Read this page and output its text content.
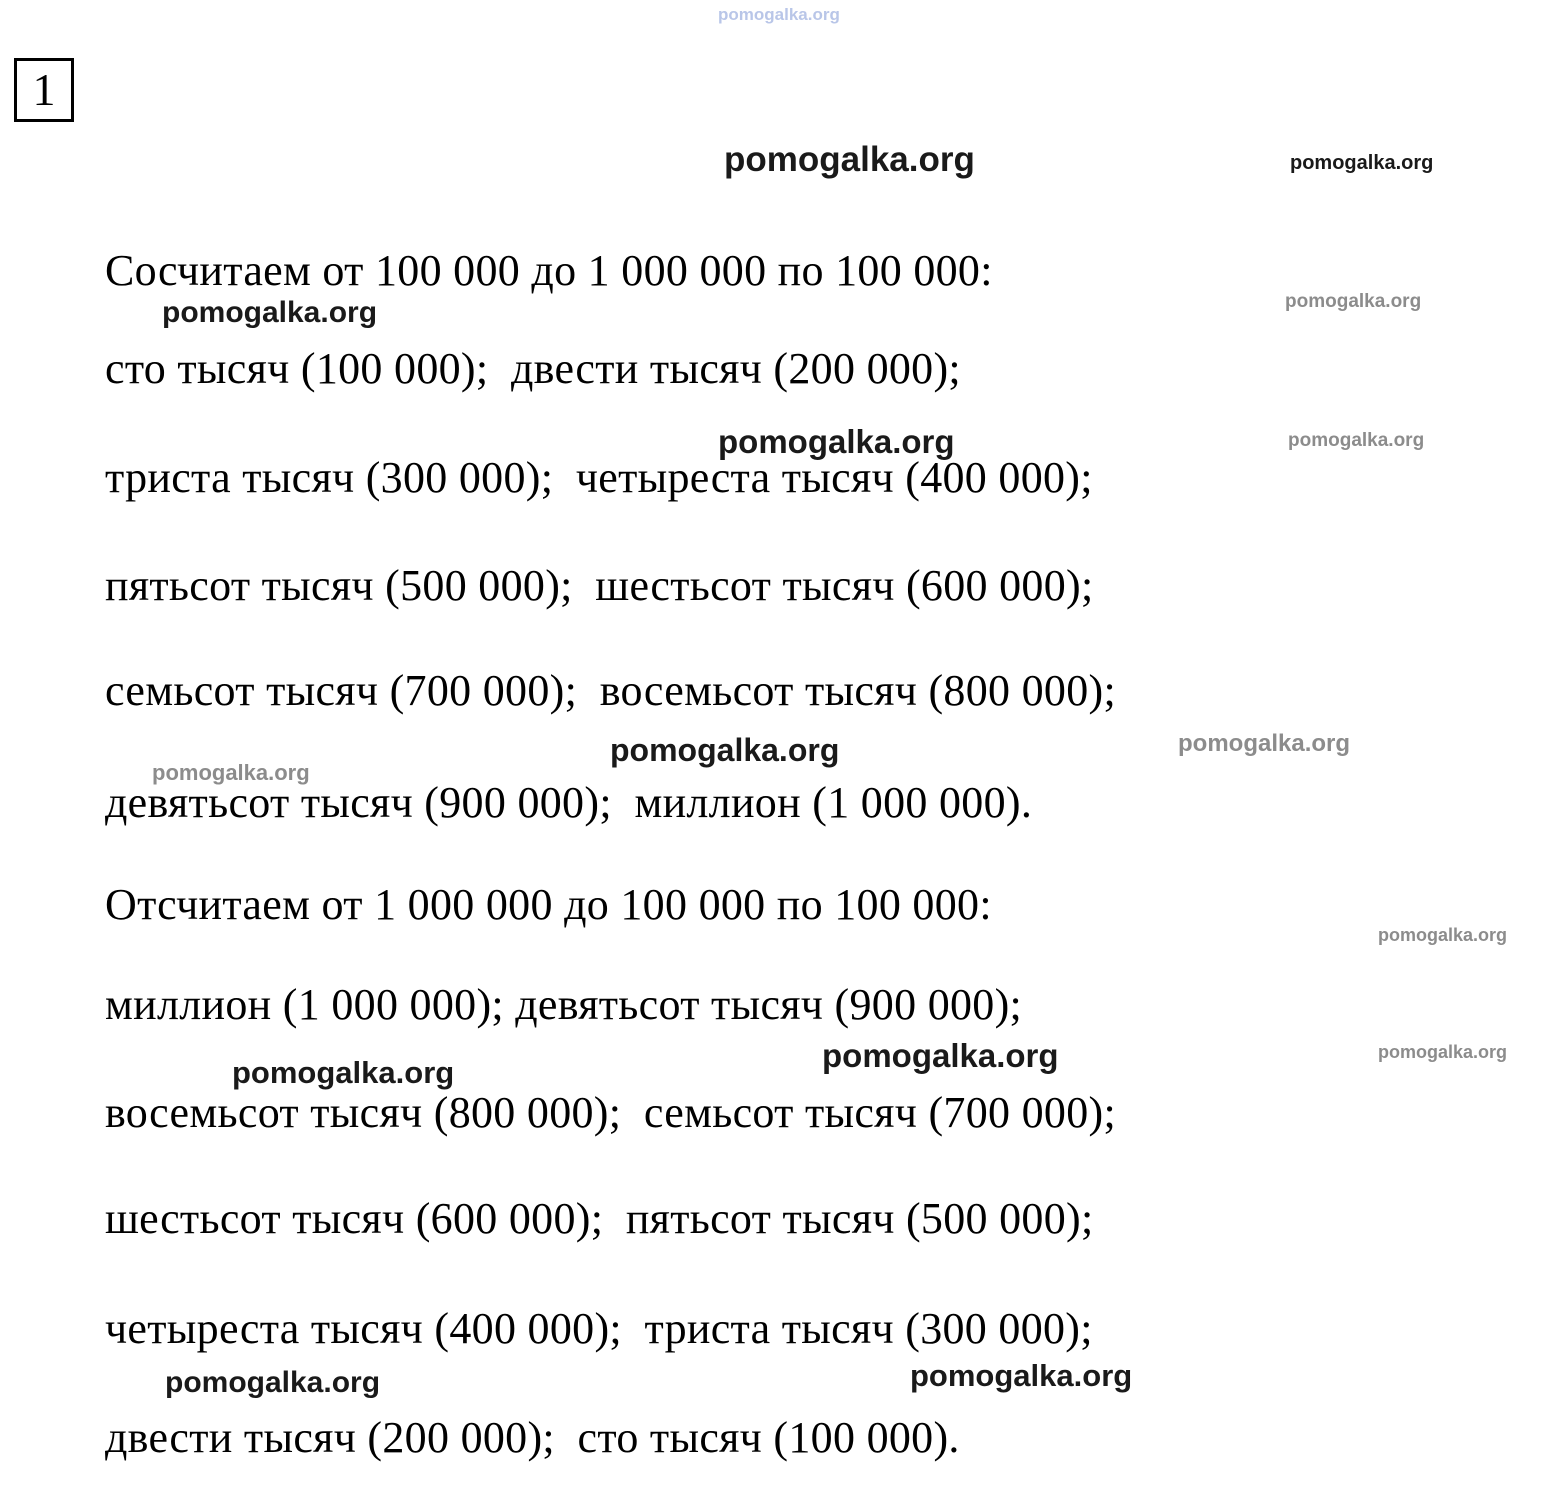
1
Сосчитаем от 100 000 до 1 000 000 по 100 000:
сто тысяч (100 000);  двести тысяч (200 000);
триста тысяч (300 000);  четыреста тысяч (400 000);
пятьсот тысяч (500 000);  шестьсот тысяч (600 000);
семьсот тысяч (700 000);  восемьсот тысяч (800 000);
девятьсот тысяч (900 000);  миллион (1 000 000).
Отсчитаем от 1 000 000 до 100 000 по 100 000:
миллион (1 000 000); девятьсот тысяч (900 000);
восемьсот тысяч (800 000);  семьсот тысяч (700 000);
шестьсот тысяч (600 000);  пятьсот тысяч (500 000);
четыреста тысяч (400 000);  триста тысяч (300 000);
двести тысяч (200 000);  сто тысяч (100 000).
pomogalka.org
pomogalka.org	pomogalka.org
pomogalka.org	pomogalka.org
pomogalka.org	pomogalka.org
pomogalka.org	pomogalka.org
pomogalka.org
pomogalka.org
pomogalka.org	pomogalka.org
pomogalka.org
pomogalka.org	pomogalka.org
